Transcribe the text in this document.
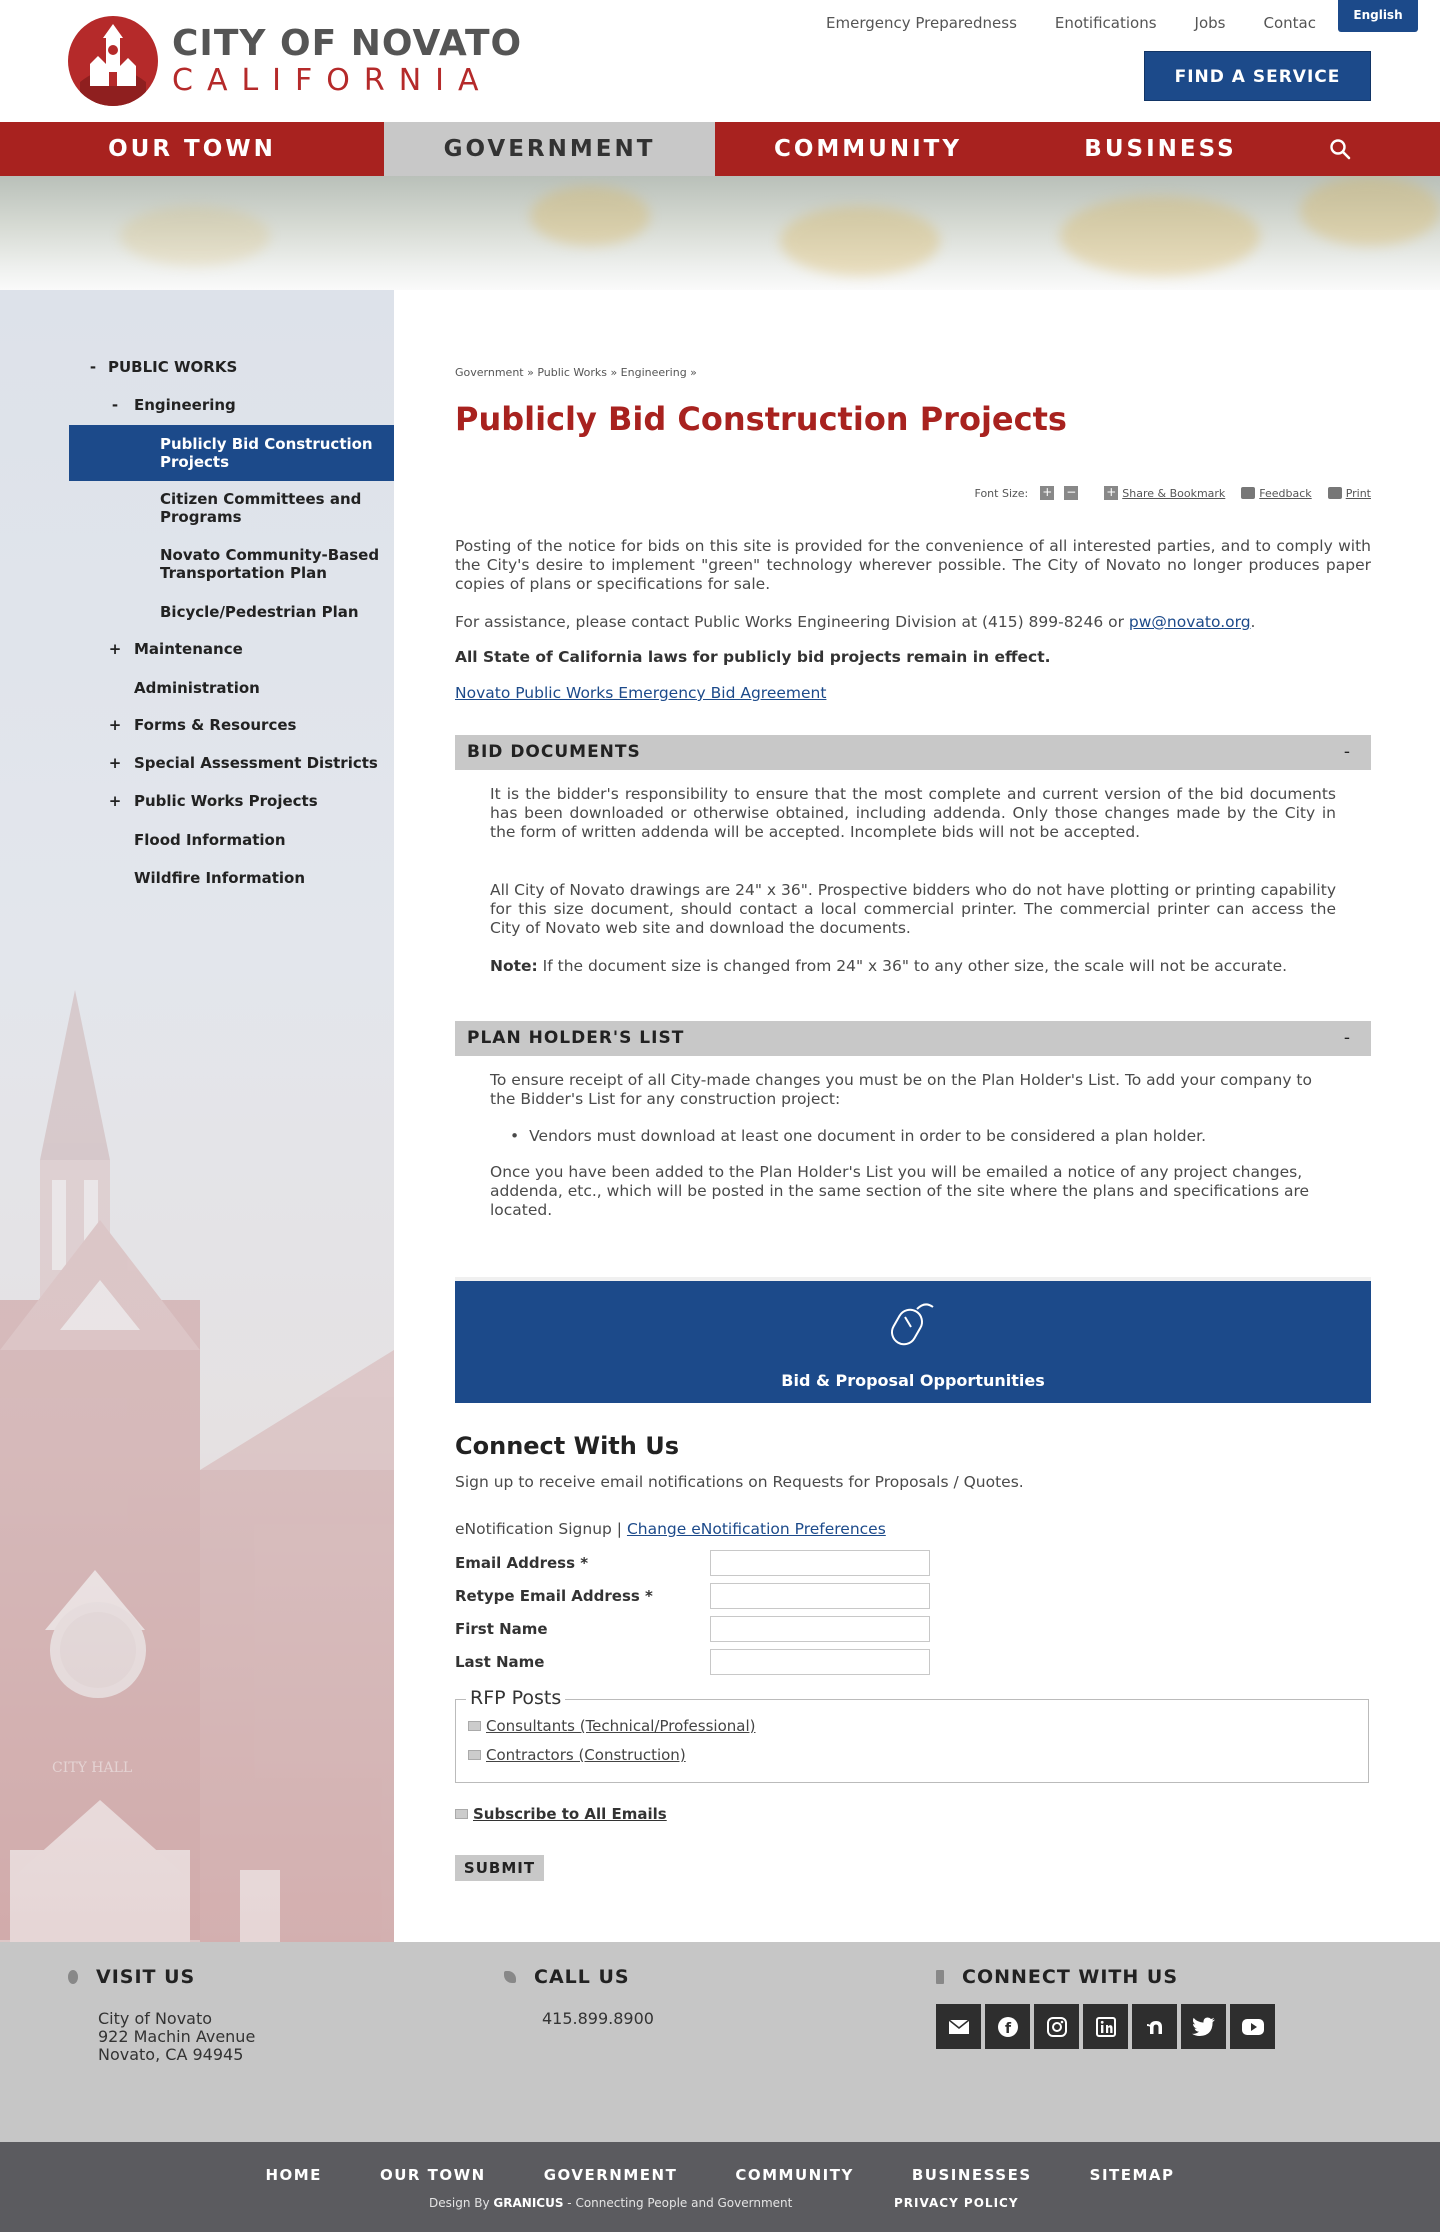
CITY OF NOVATO
CALIFORNIA
Emergency Preparedness	Enotifications	Jobs	Contac	English
FIND A SERVICE
OUR TOWN	GOVERNMENT	COMMUNITY	BUSINESS
CITY HALL
Publicly Bid Construction Projects
- PUBLIC WORKS
- Engineering
Citizen Committees and Programs
Novato Community-Based Transportation Plan
Bicycle/Pedestrian Plan
+ Maintenance
Administration
+ Forms & Resources
+ Special Assessment Districts
+ Public Works Projects
Flood Information
Wildfire Information
Government » Public Works » Engineering »
Publicly Bid Construction Projects
Font Size: + − + Share & Bookmark	Feedback	Print

Posting of the notice for bids on this site is provided for the convenience of all interested parties, and to comply with the City's desire to implement "green" technology wherever possible. The City of Novato no longer produces paper copies of plans or specifications for sale.

For assistance, please contact Public Works Engineering Division at (415) 899-8246 or pw@novato.org.

All State of California laws for publicly bid projects remain in effect.

Novato Public Works Emergency Bid Agreement

BID DOCUMENTS	-

It is the bidder's responsibility to ensure that the most complete and current version of the bid documents has been downloaded or otherwise obtained, including addenda. Only those changes made by the City in the form of written addenda will be accepted. Incomplete bids will not be accepted.

All City of Novato drawings are 24" x 36". Prospective bidders who do not have plotting or printing capability for this size document, should contact a local commercial printer. The commercial printer can access the City of Novato web site and download the documents.

Note: If the document size is changed from 24" x 36" to any other size, the scale will not be accurate.

PLAN HOLDER'S LIST	-

To ensure receipt of all City-made changes you must be on the Plan Holder's List. To add your company to the Bidder's List for any construction project:

• Vendors must download at least one document in order to be considered a plan holder.

Once you have been added to the Plan Holder's List you will be emailed a notice of any project changes, addenda, etc., which will be posted in the same section of the site where the plans and specifications are located.

Bid & Proposal Opportunities
Connect With Us

Sign up to receive email notifications on Requests for Proposals / Quotes.

eNotification Signup | Change eNotification Preferences

Email Address *
Retype Email Address *
First Name
Last Name
RFP Posts
Consultants (Technical/Professional)
Contractors (Construction)
Subscribe to All Emails
SUBMIT
VISIT US
City of Novato
922 Machin Avenue
Novato, CA 94945
CALL US
415.899.8900
CONNECT WITH US
f
HOME	OUR TOWN	GOVERNMENT	COMMUNITY	BUSINESSES	SITEMAP
Design By GRANICUS - Connecting People and Government	PRIVACY POLICY
